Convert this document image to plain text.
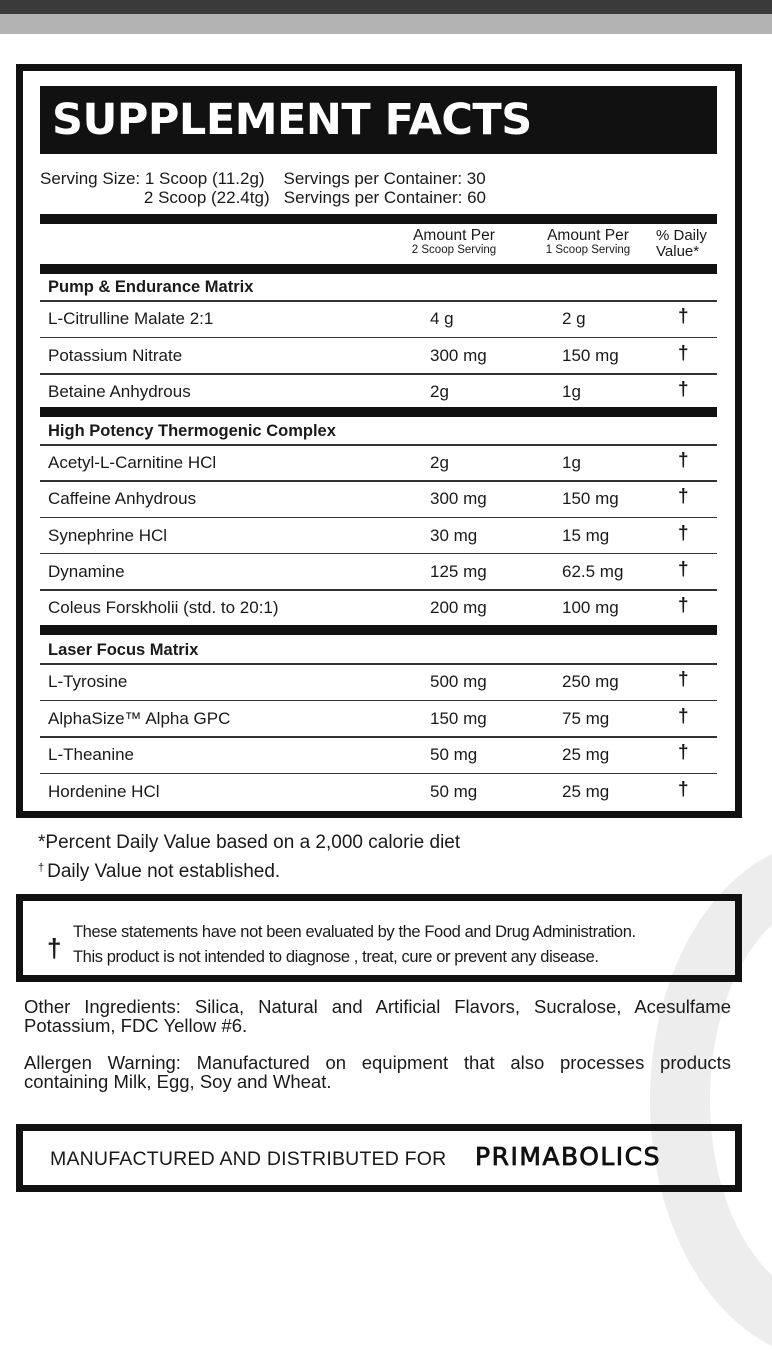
SUPPLEMENT FACTS
Serving Size: 1 Scoop (11.2g)    Servings per Container: 30
2 Scoop (22.4tg)   Servings per Container: 60
Amount Per
2 Scoop Serving
Amount Per
1 Scoop Serving
% Daily
Value*
Pump & Endurance Matrix
L-Citrulline Malate 2:1	4 g	2 g	†
Potassium Nitrate	300 mg	150 mg	†
Betaine Anhydrous	2g	1g	†
High Potency Thermogenic Complex
Acetyl-L-Carnitine HCl	2g	1g	†
Caffeine Anhydrous	300 mg	150 mg	†
Synephrine HCl	30 mg	15 mg	†
Dynamine	125 mg	62.5 mg	†
Coleus Forskholii (std. to 20:1)	200 mg	100 mg	†
Laser Focus Matrix
L-Tyrosine	500 mg	250 mg	†
AlphaSize™ Alpha GPC	150 mg	75 mg	†
L-Theanine	50 mg	25 mg	†
Hordenine HCl	50 mg	25 mg	†
*Percent Daily Value based on a 2,000 calorie diet
† Daily Value not established.
†
These statements have not been evaluated by the Food and Drug Administration.
This product is not intended to diagnose , treat, cure or prevent any disease.
Other Ingredients: Silica, Natural and Artificial Flavors, Sucralose, Acesulfame Potassium, FDC Yellow #6.
Allergen Warning: Manufactured on equipment that also processes products containing Milk, Egg, Soy and Wheat.
MANUFACTURED AND DISTRIBUTED FOR PRIMABOLICS
